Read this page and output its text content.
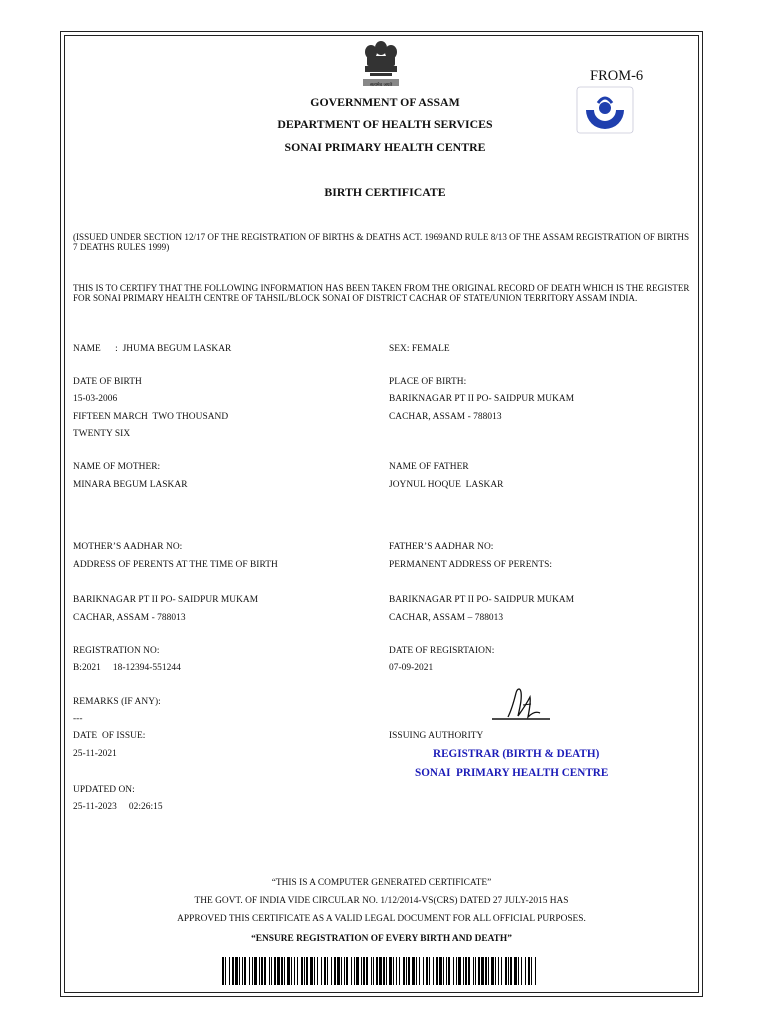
सत्यमेव जयते
FROM-6
GOVERNMENT OF ASSAM
DEPARTMENT OF HEALTH SERVICES
SONAI PRIMARY HEALTH CENTRE
BIRTH CERTIFICATE
(ISSUED UNDER SECTION 12/17 OF THE REGISTRATION OF BIRTHS & DEATHS ACT. 1969AND RULE 8/13 OF THE ASSAM REGISTRATION OF BIRTHS 7 DEATHS RULES 1999)
THIS IS TO CERTIFY THAT THE FOLLOWING INFORMATION HAS BEEN TAKEN FROM THE ORIGINAL RECORD OF DEATH WHICH IS THE REGISTER FOR SONAI PRIMARY HEALTH CENTRE OF TAHSIL/BLOCK SONAI OF DISTRICT CACHAR OF STATE/UNION TERRITORY ASSAM INDIA.
NAME      :  JHUMA BEGUM LASKAR
DATE OF BIRTH
15-03-2006
FIFTEEN MARCH  TWO THOUSAND
TWENTY SIX
NAME OF MOTHER:
MINARA BEGUM LASKAR
MOTHER’S AADHAR NO:
ADDRESS OF PERENTS AT THE TIME OF BIRTH
BARIKNAGAR PT II PO- SAIDPUR MUKAM
CACHAR, ASSAM - 788013
REGISTRATION NO:
B:2021     18-12394-551244
REMARKS (IF ANY):
---
DATE  OF ISSUE:
25-11-2021
UPDATED ON:
25-11-2023     02:26:15
SEX: FEMALE
PLACE OF BIRTH:
BARIKNAGAR PT II PO- SAIDPUR MUKAM
CACHAR, ASSAM - 788013
NAME OF FATHER
JOYNUL HOQUE  LASKAR
FATHER’S AADHAR NO:
PERMANENT ADDRESS OF PERENTS:
BARIKNAGAR PT II PO- SAIDPUR MUKAM
CACHAR, ASSAM – 788013
DATE OF REGISRTAION:
07-09-2021
ISSUING AUTHORITY
REGISTRAR (BIRTH & DEATH)
SONAI  PRIMARY HEALTH CENTRE
“THIS IS A COMPUTER GENERATED CERTIFICATE”
THE GOVT. OF INDIA VIDE CIRCULAR NO. 1/12/2014-VS(CRS) DATED 27 JULY-2015 HAS
APPROVED THIS CERTIFICATE AS A VALID LEGAL DOCUMENT FOR ALL OFFICIAL PURPOSES.
“ENSURE REGISTRATION OF EVERY BIRTH AND DEATH”
